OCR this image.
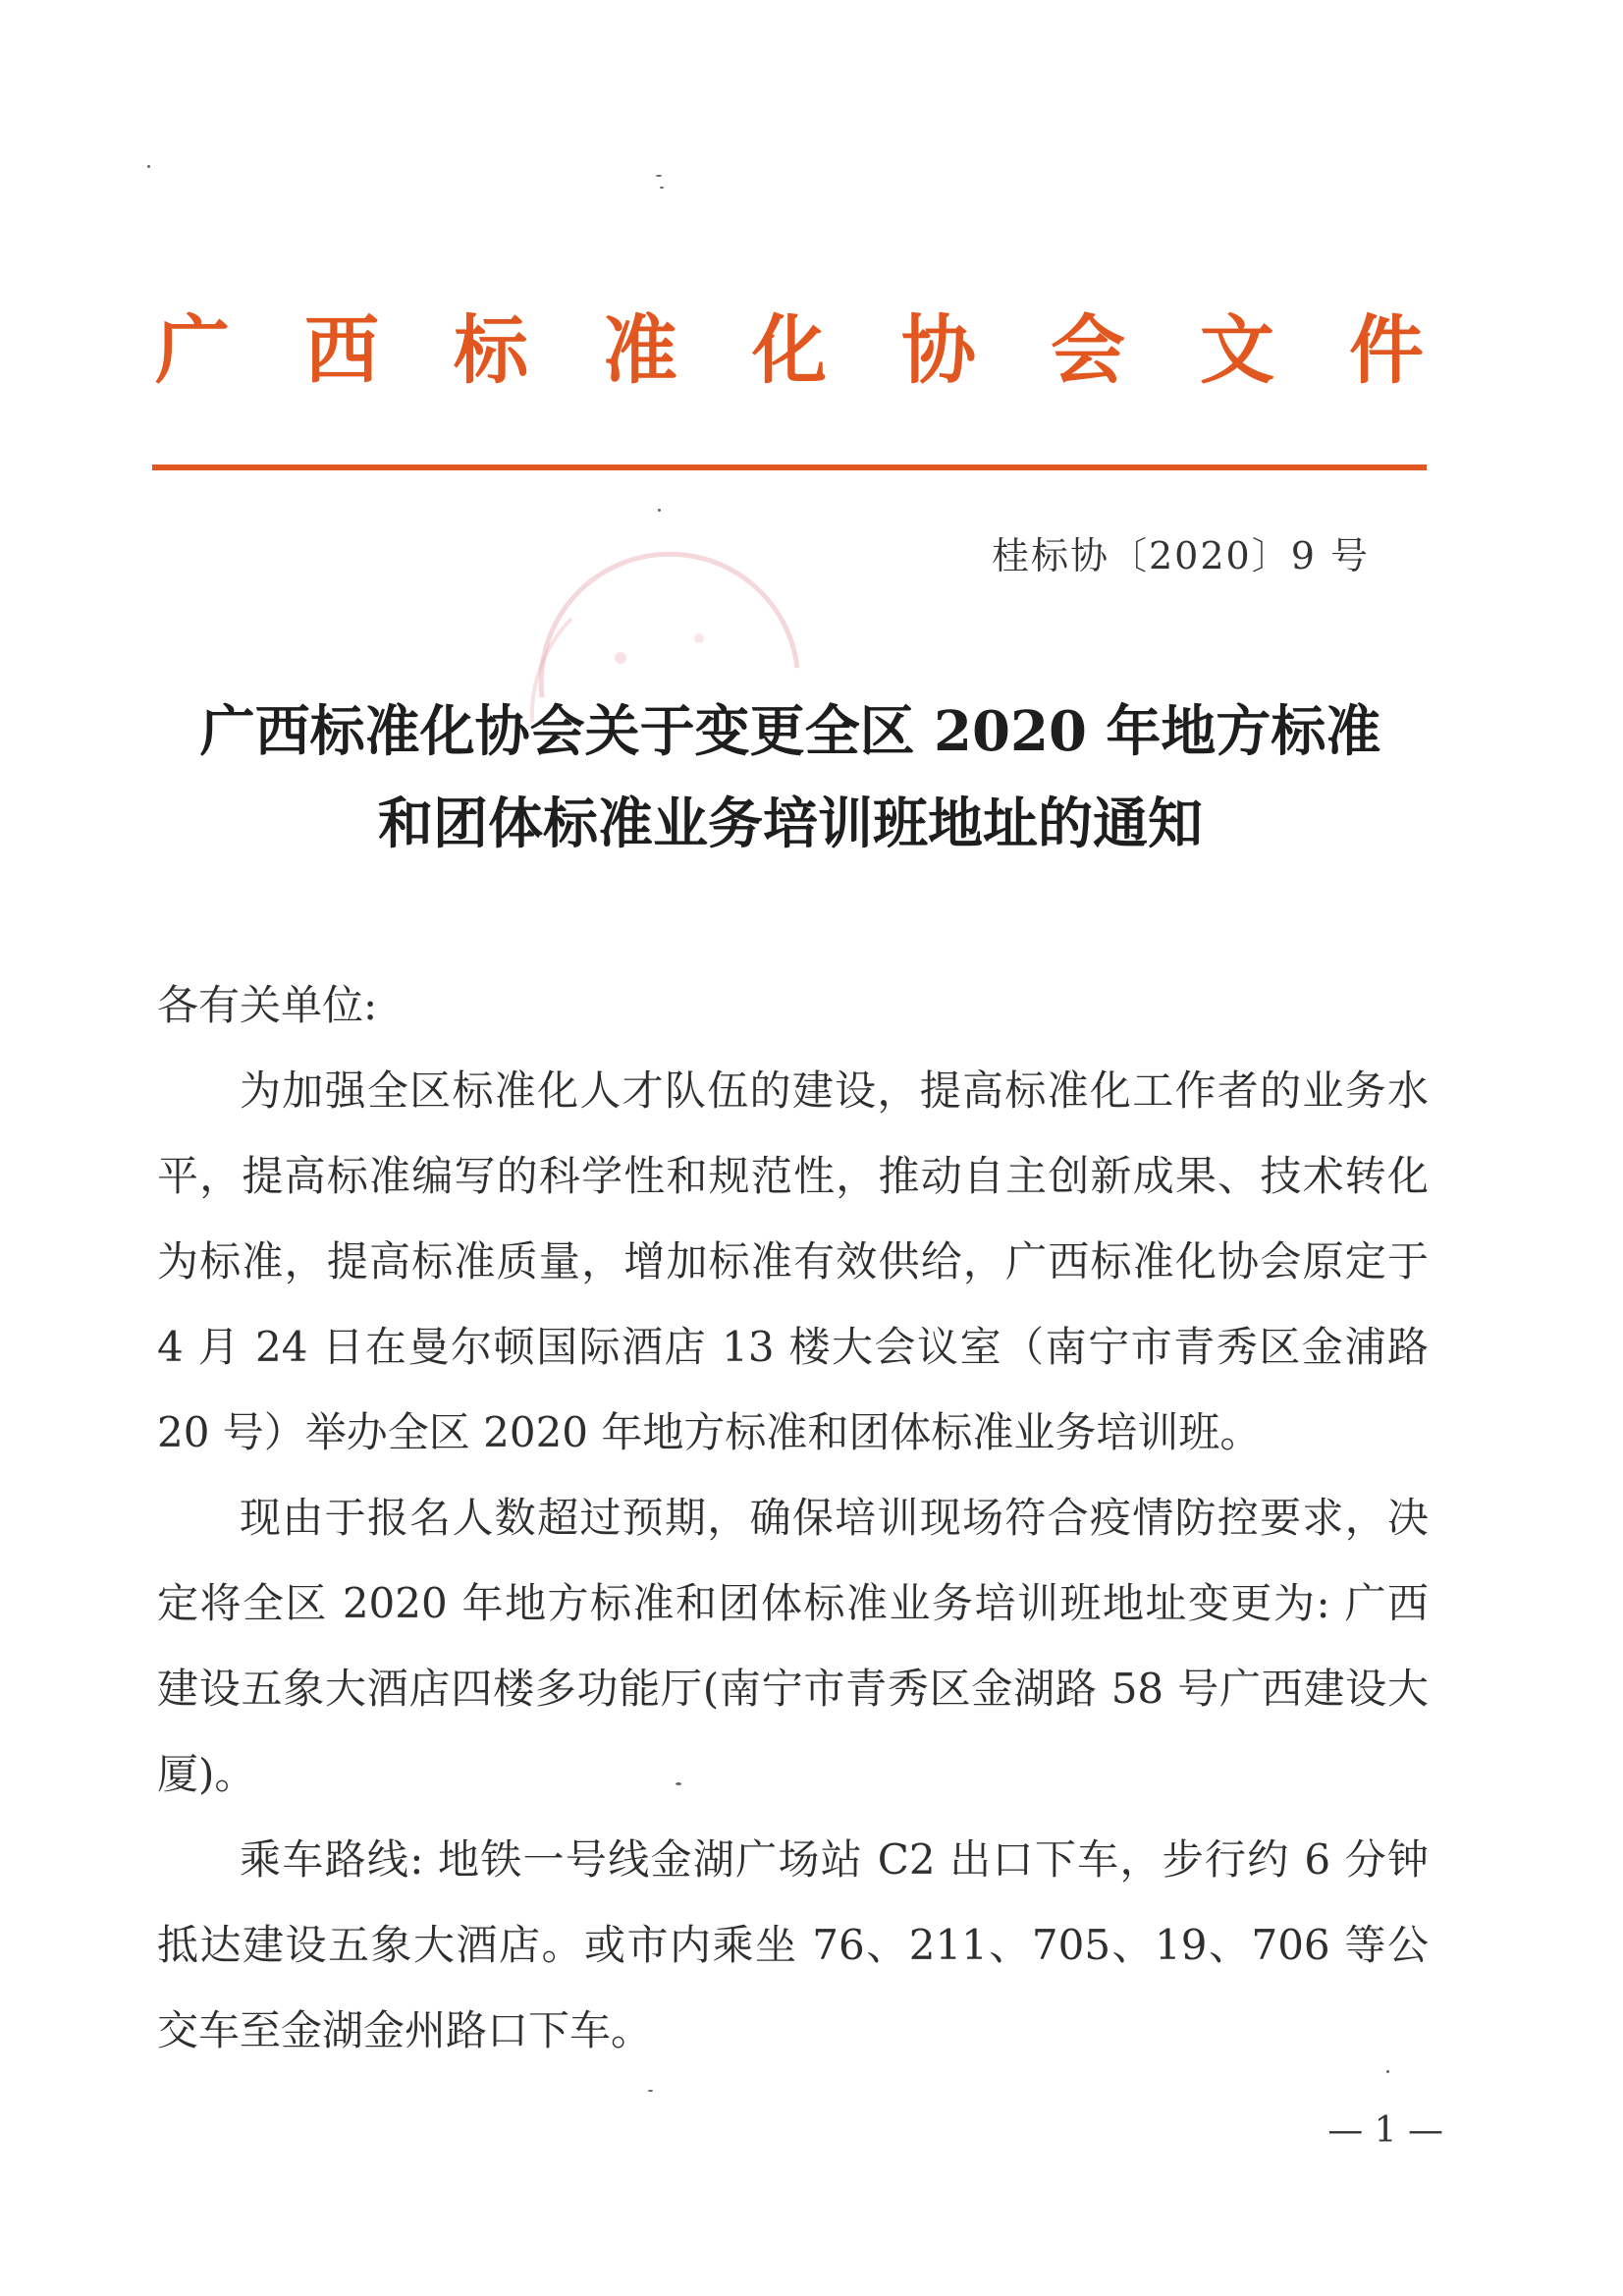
广 西 标 准 化 协 会 文 件
桂标协〔2020〕9 号
广西标准化协会关于变更全区 2020 年地方标准
和团体标准业务培训班地址的通知

各有关单位:

为加强全区标准化人才队伍的建设，提高标准化工作者的业务水平，提高标准编写的科学性和规范性，推动自主创新成果、技术转化为标准，提高标准质量，增加标准有效供给，广西标准化协会原定于 4 月 24 日在曼尔顿国际酒店 13 楼大会议室（南宁市青秀区金浦路 20 号）举办全区 2020 年地方标准和团体标准业务培训班。

现由于报名人数超过预期，确保培训现场符合疫情防控要求，决定将全区 2020 年地方标准和团体标准业务培训班地址变更为: 广西建设五象大酒店四楼多功能厅(南宁市青秀区金湖路 58 号广西建设大厦)。

乘车路线: 地铁一号线金湖广场站 C2 出口下车，步行约 6 分钟抵达建设五象大酒店。或市内乘坐 76、211、705、19、706 等公交车至金湖金州路口下车。

— 1 —
